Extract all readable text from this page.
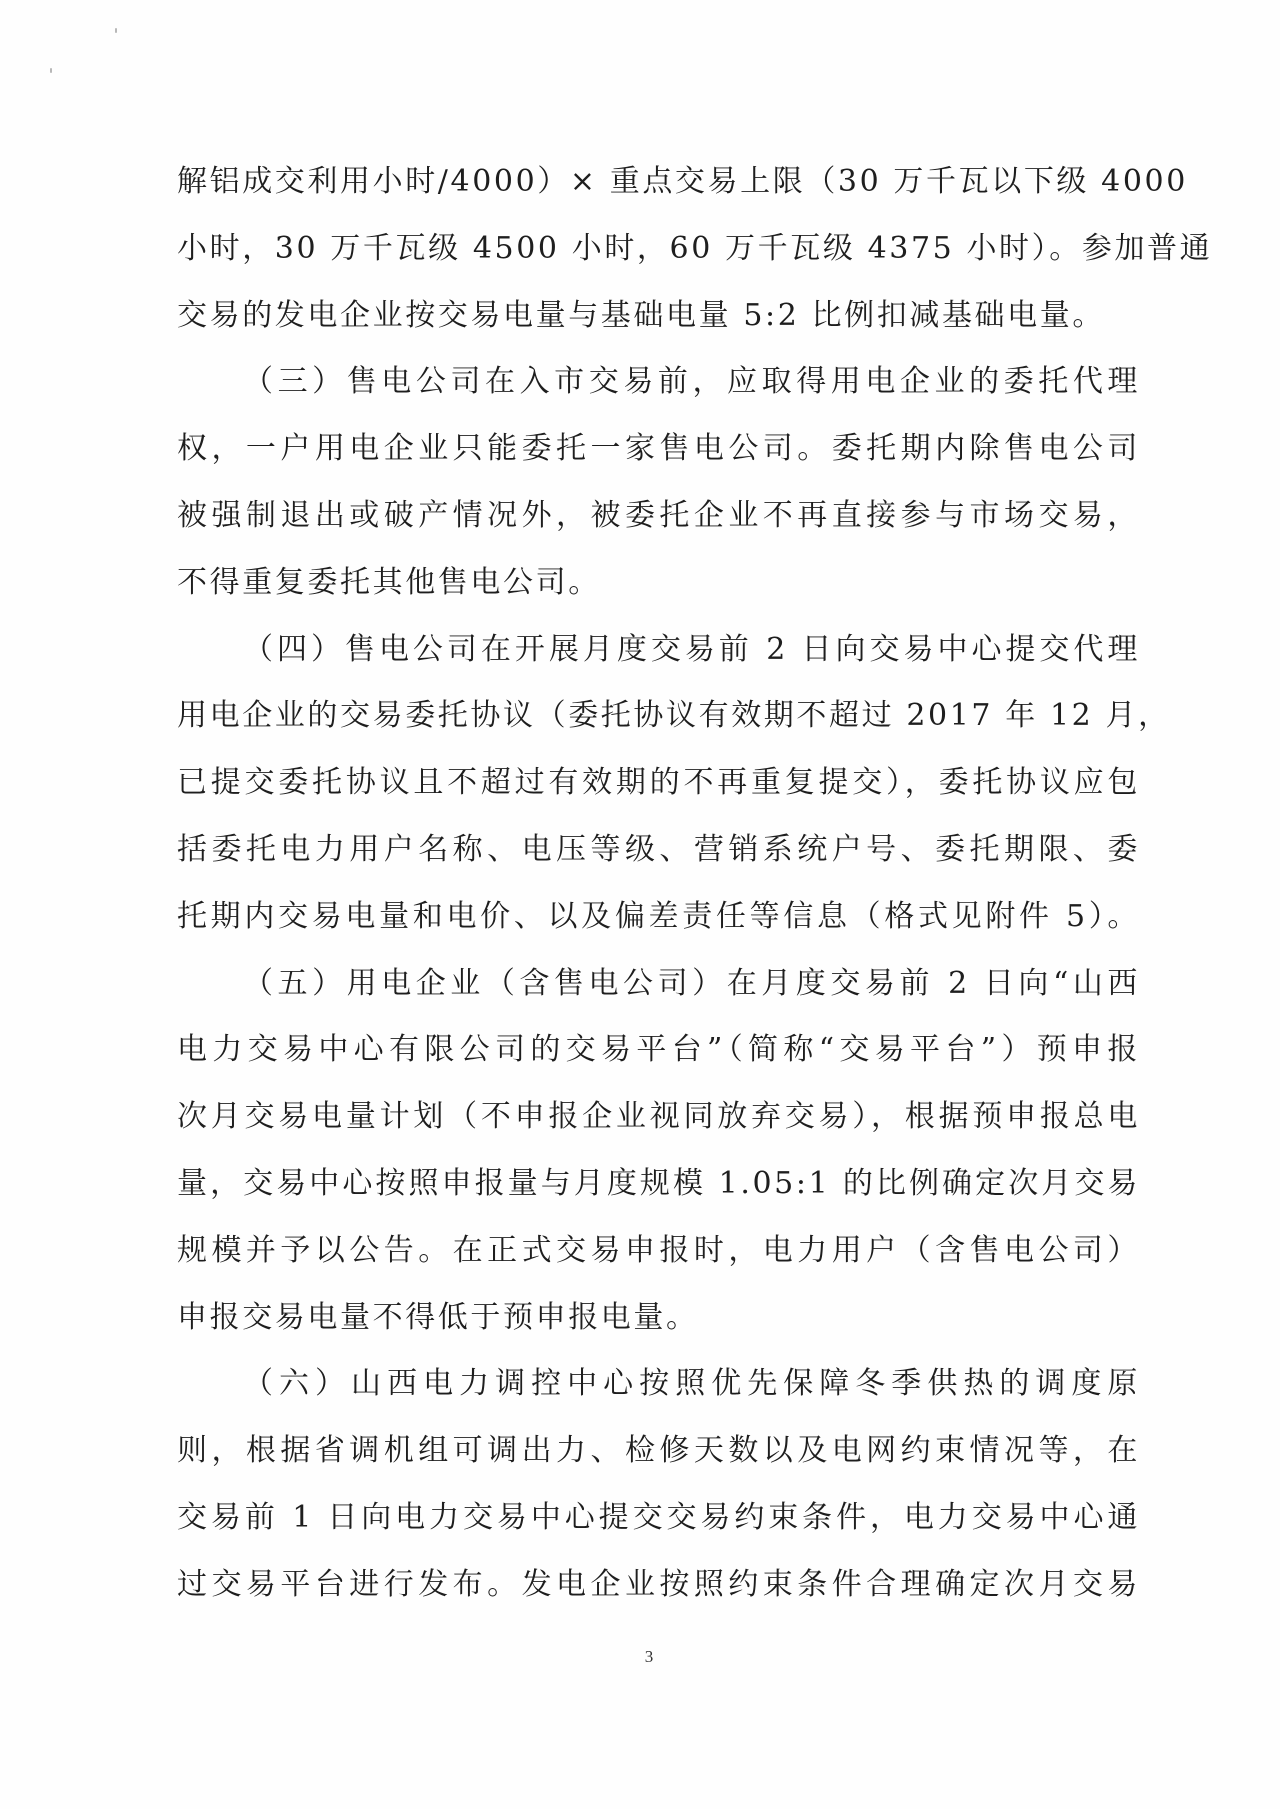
解铝成交利用小时/4000）× 重点交易上限（30 万千瓦以下级 4000
小时，30 万千瓦级 4500 小时，60 万千瓦级 4375 小时）。参加普通
交易的发电企业按交易电量与基础电量 5:2 比例扣减基础电量。
（三）售电公司在入市交易前，应取得用电企业的委托代理
权，一户用电企业只能委托一家售电公司。委托期内除售电公司
被强制退出或破产情况外，被委托企业不再直接参与市场交易，
不得重复委托其他售电公司。
（四）售电公司在开展月度交易前 2 日向交易中心提交代理
用电企业的交易委托协议（委托协议有效期不超过 2017 年 12 月，
已提交委托协议且不超过有效期的不再重复提交），委托协议应包
括委托电力用户名称、电压等级、营销系统户号、委托期限、委
托期内交易电量和电价、以及偏差责任等信息（格式见附件 5）。
（五）用电企业（含售电公司）在月度交易前 2 日向“山西
电力交易中心有限公司的交易平台”（简称“交易平台”）预申报
次月交易电量计划（不申报企业视同放弃交易），根据预申报总电
量，交易中心按照申报量与月度规模 1.05:1 的比例确定次月交易
规模并予以公告。在正式交易申报时，电力用户（含售电公司）
申报交易电量不得低于预申报电量。
（六）山西电力调控中心按照优先保障冬季供热的调度原
则，根据省调机组可调出力、检修天数以及电网约束情况等，在
交易前 1 日向电力交易中心提交交易约束条件，电力交易中心通
过交易平台进行发布。发电企业按照约束条件合理确定次月交易
3
